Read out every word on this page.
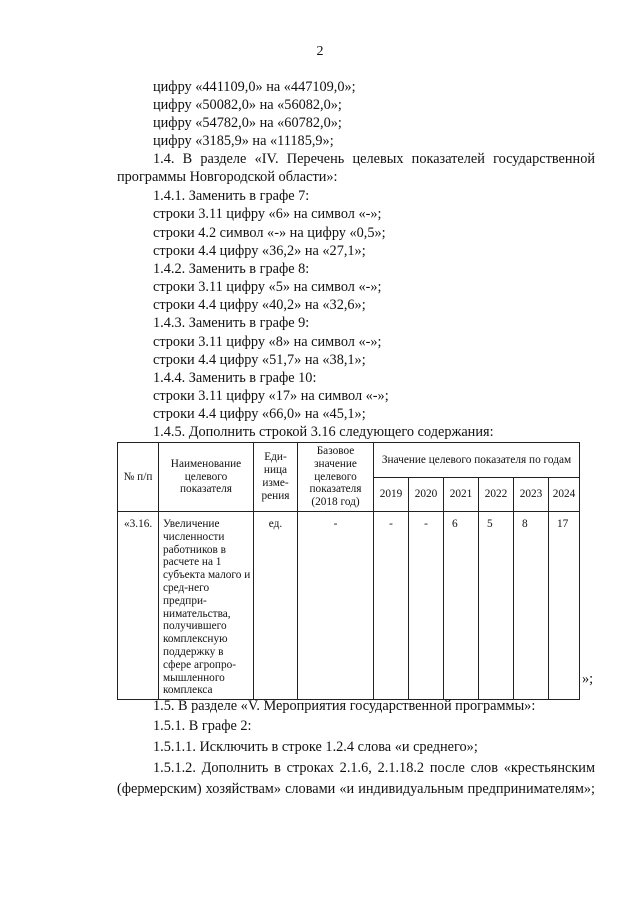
2
цифру «441109,0» на «447109,0»;
цифру «50082,0» на «56082,0»;
цифру «54782,0» на «60782,0»;
цифру «3185,9» на «11185,9»;
1.4. В разделе «IV. Перечень целевых показателей государственной
программы Новгородской области»:
1.4.1. Заменить в графе 7:
строки 3.11 цифру «6» на символ «-»;
строки 4.2 символ «-» на цифру «0,5»;
строки 4.4 цифру «36,2» на «27,1»;
1.4.2. Заменить в графе 8:
строки 3.11 цифру «5» на символ «-»;
строки 4.4 цифру «40,2» на «32,6»;
1.4.3. Заменить в графе 9:
строки 3.11 цифру «8» на символ «-»;
строки 4.4 цифру «51,7» на «38,1»;
1.4.4. Заменить в графе 10:
строки 3.11 цифру «17» на символ «-»;
строки 4.4 цифру «66,0» на «45,1»;
1.4.5. Дополнить строкой 3.16 следующего содержания:
№ п/п	Наименование целевого показателя	Еди-ница изме-рения	Базовое значение целевого показателя (2018 год)	Значение целевого показателя по годам					
				2019	2020	2021	2022	2023	2024
«3.16.	Увеличение численности работников в расчете на 1 субъекта малого и сред-него предпри-нимательства, получившего комплексную поддержку в сфере агропро-мышленного комплекса	ед.	-	-	-	6	5	8	17
»;
1.5. В разделе «V. Мероприятия государственной программы»:
1.5.1. В графе 2:
1.5.1.1. Исключить в строке 1.2.4 слова «и среднего»;
1.5.1.2. Дополнить в строках 2.1.6, 2.1.18.2 после слов «крестьянским
(фермерским) хозяйствам» словами «и индивидуальным предпринимателям»;
